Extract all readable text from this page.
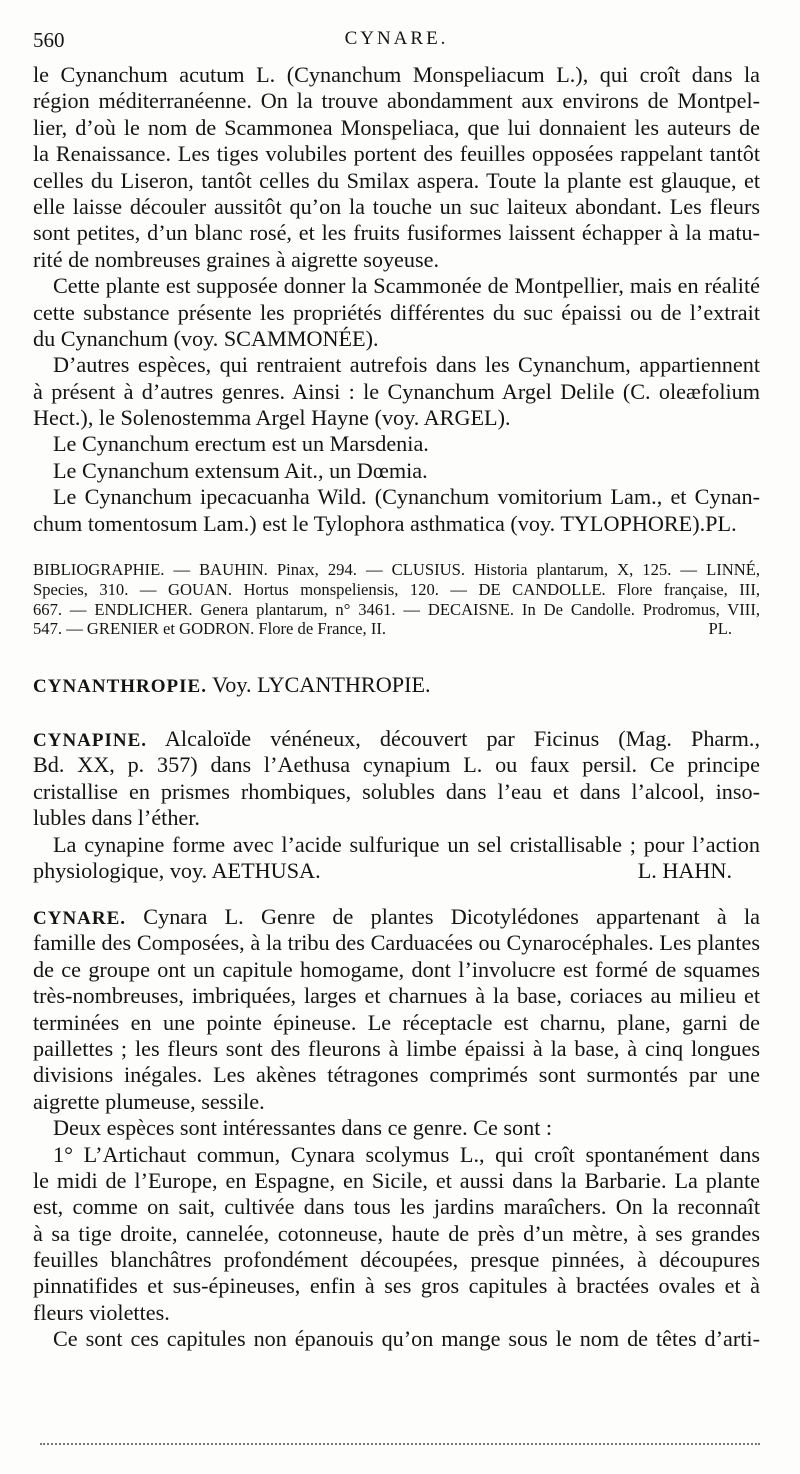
560	CYNARE.
le Cynanchum acutum L. (Cynanchum Monspeliacum L.), qui croît dans la
région méditerranéenne. On la trouve abondamment aux environs de Montpel-
lier, d’où le nom de Scammonea Monspeliaca, que lui donnaient les auteurs de
la Renaissance. Les tiges volubiles portent des feuilles opposées rappelant tantôt
celles du Liseron, tantôt celles du Smilax aspera. Toute la plante est glauque, et
elle laisse découler aussitôt qu’on la touche un suc laiteux abondant. Les fleurs
sont petites, d’un blanc rosé, et les fruits fusiformes laissent échapper à la matu-
rité de nombreuses graines à aigrette soyeuse.
Cette plante est supposée donner la Scammonée de Montpellier, mais en réalité
cette substance présente les propriétés différentes du suc épaissi ou de l’extrait
du Cynanchum (voy. SCAMMONÉE).
D’autres espèces, qui rentraient autrefois dans les Cynanchum, appartiennent
à présent à d’autres genres. Ainsi : le Cynanchum Argel Delile (C. oleæfolium
Hect.), le Solenostemma Argel Hayne (voy. ARGEL).
Le Cynanchum erectum est un Marsdenia.
Le Cynanchum extensum Ait., un Dœmia.
Le Cynanchum ipecacuanha Wild. (Cynanchum vomitorium Lam., et Cynan-
chum tomentosum Lam.) est le Tylophora asthmatica (voy. TYLOPHORE). PL.
BIBLIOGRAPHIE. — BAUHIN. Pinax, 294. — CLUSIUS. Historia plantarum, X, 125. — LINNÉ,
Species, 310. — GOUAN. Hortus monspeliensis, 120. — DE CANDOLLE. Flore française, III,
667. — ENDLICHER. Genera plantarum, n° 3461. — DECAISNE. In De Candolle. Prodromus, VIII,
547. — GRENIER et GODRON. Flore de France, II.	PL.
CYNANTHROPIE. Voy. LYCANTHROPIE.
CYNAPINE. Alcaloïde vénéneux, découvert par Ficinus (Mag. Pharm.,
Bd. XX, p. 357) dans l’Aethusa cynapium L. ou faux persil. Ce principe
cristallise en prismes rhombiques, solubles dans l’eau et dans l’alcool, inso-
lubles dans l’éther.
La cynapine forme avec l’acide sulfurique un sel cristallisable ; pour l’action
physiologique, voy. AETHUSA.	L. HAHN.
CYNARE. Cynara L. Genre de plantes Dicotylédones appartenant à la
famille des Composées, à la tribu des Carduacées ou Cynarocéphales. Les plantes
de ce groupe ont un capitule homogame, dont l’involucre est formé de squames
très-nombreuses, imbriquées, larges et charnues à la base, coriaces au milieu et
terminées en une pointe épineuse. Le réceptacle est charnu, plane, garni de
paillettes ; les fleurs sont des fleurons à limbe épaissi à la base, à cinq longues
divisions inégales. Les akènes tétragones comprimés sont surmontés par une
aigrette plumeuse, sessile.
Deux espèces sont intéressantes dans ce genre. Ce sont :
1° L’Artichaut commun, Cynara scolymus L., qui croît spontanément dans
le midi de l’Europe, en Espagne, en Sicile, et aussi dans la Barbarie. La plante
est, comme on sait, cultivée dans tous les jardins maraîchers. On la reconnaît
à sa tige droite, cannelée, cotonneuse, haute de près d’un mètre, à ses grandes
feuilles blanchâtres profondément découpées, presque pinnées, à découpures
pinnatifides et sus-épineuses, enfin à ses gros capitules à bractées ovales et à
fleurs violettes.
Ce sont ces capitules non épanouis qu’on mange sous le nom de têtes d’arti-
